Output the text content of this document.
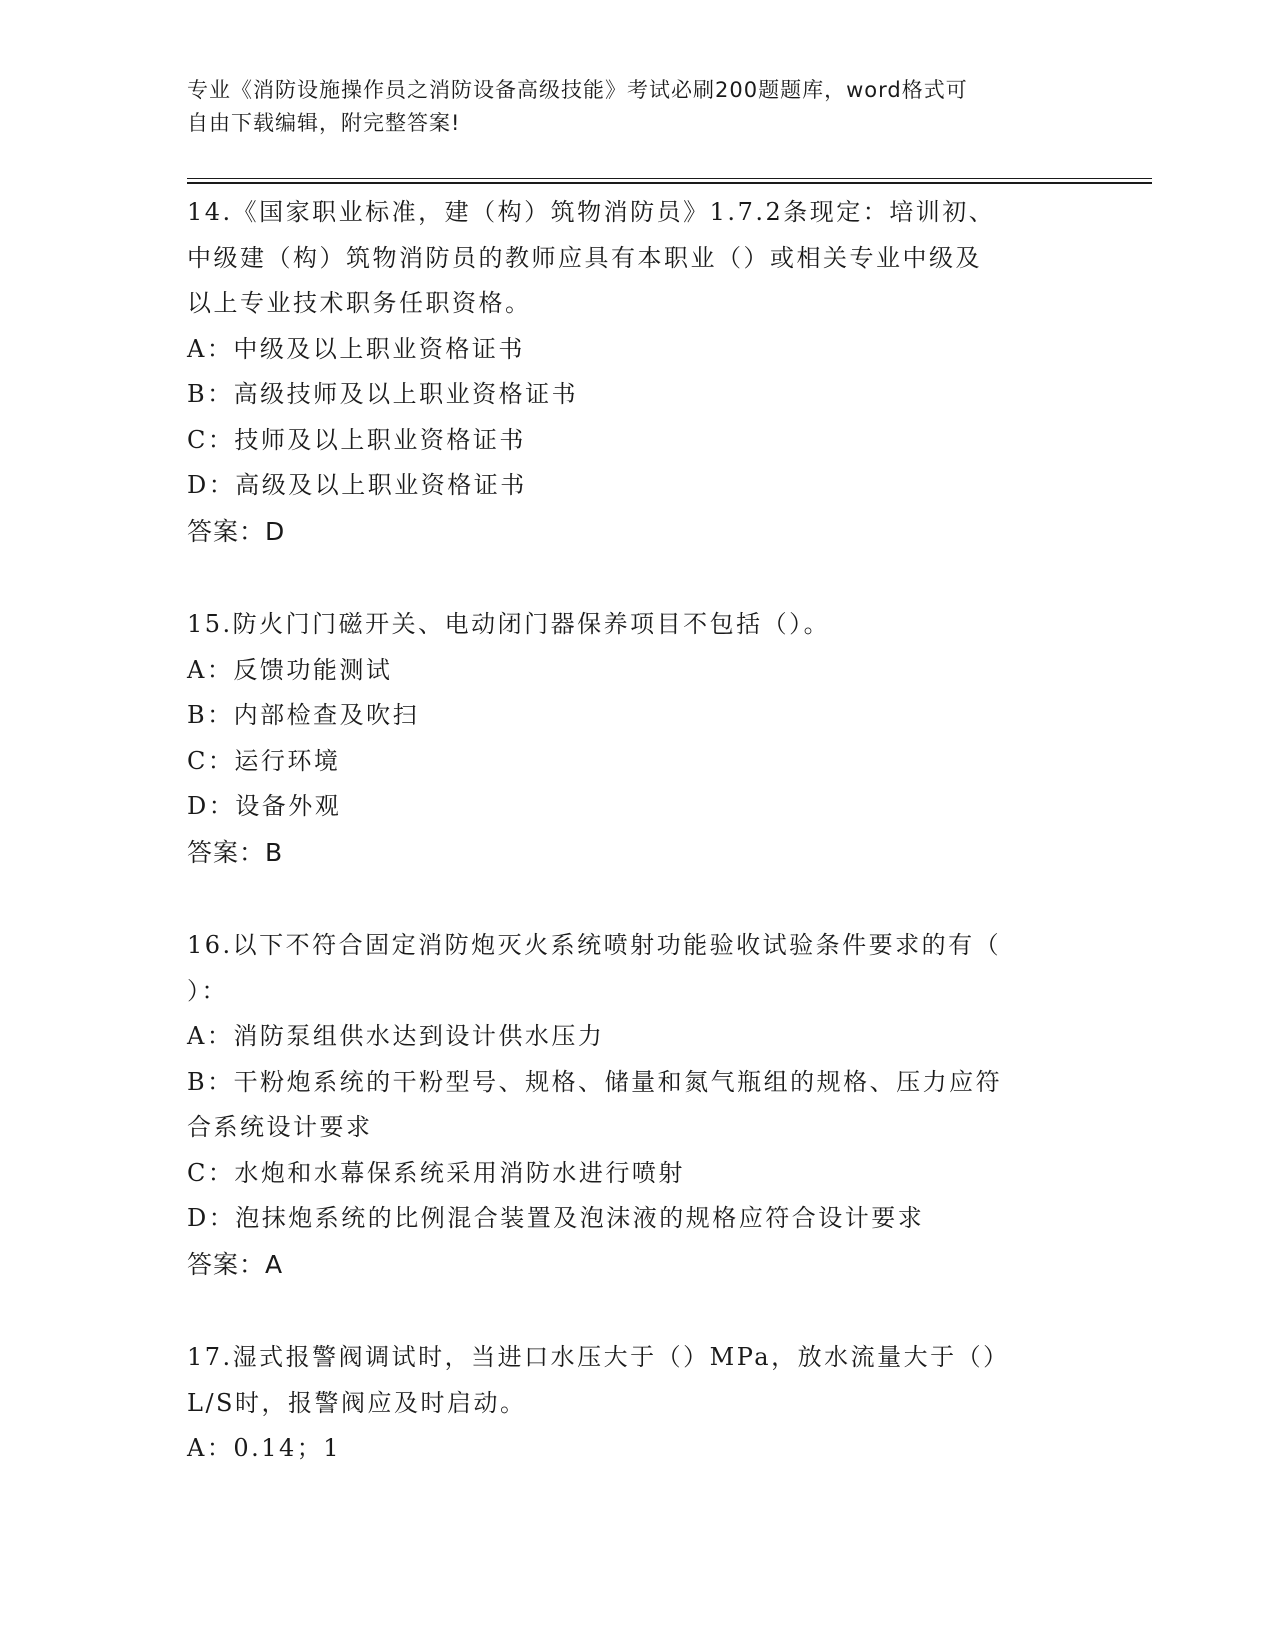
专业《消防设施操作员之消防设备高级技能》考试必刷200题题库，word格式可
自由下载编辑，附完整答案!
14.《国家职业标准，建（构）筑物消防员》1.7.2条现定：培训初、
中级建（构）筑物消防员的教师应具有本职业（）或相关专业中级及
以上专业技术职务任职资格。
A：中级及以上职业资格证书
B：高级技师及以上职业资格证书
C：技师及以上职业资格证书
D：高级及以上职业资格证书
答案：D
15.防火门门磁开关、电动闭门器保养项目不包括（）。
A：反馈功能测试
B：内部检查及吹扫
C：运行环境
D：设备外观
答案：B
16.以下不符合固定消防炮灭火系统喷射功能验收试验条件要求的有（
）：
A：消防泵组供水达到设计供水压力
B：干粉炮系统的干粉型号、规格、储量和氮气瓶组的规格、压力应符
合系统设计要求
C：水炮和水幕保系统采用消防水进行喷射
D：泡抹炮系统的比例混合装置及泡沫液的规格应符合设计要求
答案：A
17.湿式报警阀调试时，当进口水压大于（）MPa，放水流量大于（）
L/S时，报警阀应及时启动。
A：0.14；1
